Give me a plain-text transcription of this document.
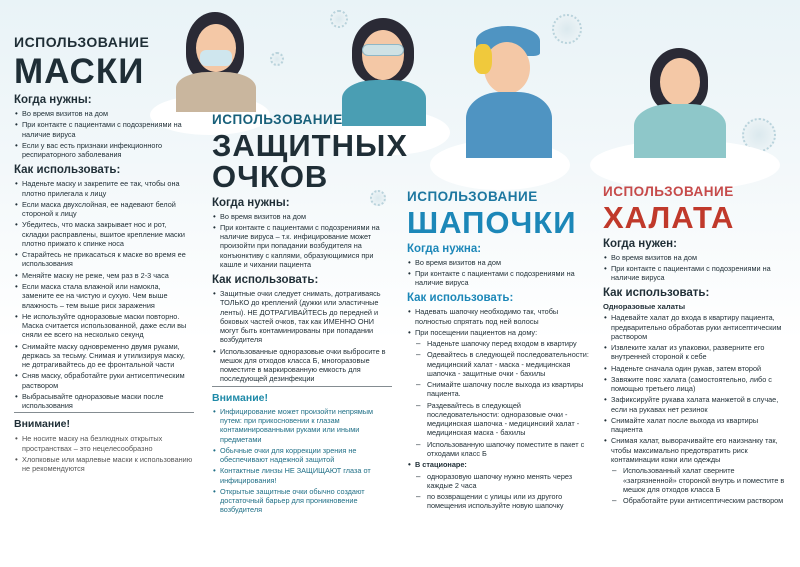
ИСПОЛЬЗОВАНИЕ
МАСКИ
Когда нужны:
• Во время визитов на дом
• При контакте с пациентами с подозрениями на наличие вируса
• Если у вас есть признаки инфекционного респираторного заболевания
Как использовать:
• Наденьте маску и закрепите ее так, чтобы она плотно прилегала к лицу
• Если маска двухслойная, ее надевают белой стороной к лицу
• Убедитесь, что маска закрывает нос и рот, складки расправлены, вшитое крепление маски плотно прижато к спинке носа
• Старайтесь не прикасаться к маске во время ее использования
• Меняйте маску не реже, чем раз в 2-3 часа
• Если маска стала влажной или намокла, замените ее на чистую и сухую. Чем выше влажность – тем выше риск заражения
• Не используйте одноразовые маски повторно. Маска считается использованной, даже если вы сняли ее всего на несколько секунд
• Снимайте маску одновременно двумя руками, держась за тесьму. Снимая и утилизируя маску, не дотрагивайтесь до ее фронтальной части
• Сняв маску, обработайте руки антисептическим раствором
• Выбрасывайте одноразовые маски после использования
Внимание!
• Не носите маску на безлюдных открытых пространствах – это нецелесообразно
• Хлопковые или марлевые маски к использованию не рекомендуются
ИСПОЛЬЗОВАНИЕ
ЗАЩИТНЫХ ОЧКОВ
Когда нужны:
• Во время визитов на дом
• При контакте с пациентами с подозрениями на наличие вируса – т.к. инфицирование может произойти при попадании возбудителя на конъюнктиву с каплями, образующимися при кашле и чихании пациента
Как использовать:
• Защитные очки следует снимать, дотрагиваясь ТОЛЬКО до креплений (дужки или эластичные ленты). НЕ ДОТРАГИВАЙТЕСЬ до передней и боковых частей очков, так как ИМЕННО ОНИ могут быть контаминированы при попадании возбудителя
• Использованные одноразовые очки выбросите в мешок для отходов класса Б, многоразовые поместите в маркированную емкость для последующей дезинфекции
Внимание!
• Инфицирование может произойти непрямым путем: при прикосновении к глазам контаминированными руками или иными предметами
• Обычные очки для коррекции зрения не обеспечивают надежной защитой
• Контактные линзы НЕ ЗАЩИЩАЮТ глаза от инфицирования!
• Открытые защитные очки обычно создают достаточный барьер для проникновение возбудителя
ИСПОЛЬЗОВАНИЕ
ШАПОЧКИ
Когда нужна:
• Во время визитов на дом
• При контакте с пациентами с подозрениями на наличие вируса
Как использовать:
• Надевать шапочку необходимо так, чтобы полностью спрятать под ней волосы
• При посещении пациентов на дому:
– Наденьте шапочку перед входом в квартиру
– Одевайтесь в следующей последовательности: медицинский халат - маска - медицинская шапочка - защитные очки - бахилы
– Снимайте шапочку после выхода из квартиры пациента.
– Раздевайтесь в следующей последовательности: одноразовые очки - медицинская шапочка - медицинский халат - медицинская маска - бахилы
– Использованную шапочку поместите в пакет с отходами класс Б
• В стационаре:
– одноразовую шапочку нужно менять через каждые 2 часа
– по возвращении с улицы или из другого помещения используйте новую шапочку
ИСПОЛЬЗОВАНИЕ
ХАЛАТА
Когда нужен:
• Во время визитов на дом
• При контакте с пациентами с подозрениями на наличие вируса
Как использовать:
Одноразовые халаты
• Надевайте халат до входа в квартиру пациента, предварительно обработав руки антисептическим раствором
• Извлеките халат из упаковки, разверните его внутренней стороной к себе
• Наденьте сначала один рукав, затем второй
• Завяжите пояс халата (самостоятельно, либо с помощью третьего лица)
• Зафиксируйте рукава халата манжетой в случае, если на рукавах нет резинок
• Снимайте халат после выхода из квартиры пациента
• Снимая халат, выворачивайте его наизнанку так, чтобы максимально предотвратить риск контаминации кожи или одежды
– Использованный халат сверните «загрязненной» стороной внутрь и поместите в мешок для отходов класса Б
– Обработайте руки антисептическим раствором
